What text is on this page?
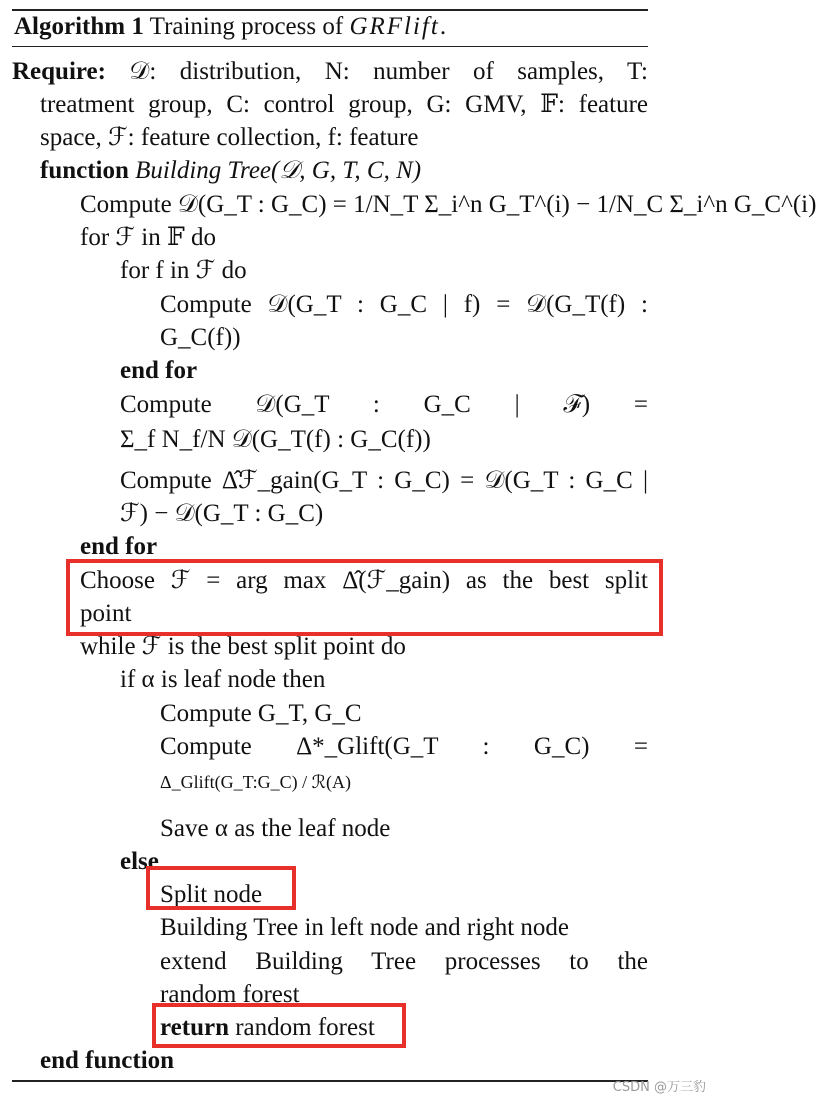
Algorithm 1 Training process of GRFlift.
Require: 𝒟: distribution, N: number of samples, T:
treatment group, C: control group, G: GMV, 𝔽: feature
space, ℱ: feature collection, f: feature
function Building Tree(𝒟, G, T, C, N)
Compute 𝒟(G_T : G_C) = 1/N_T Σ_i^n G_T^(i) − 1/N_C Σ_i^n G_C^(i)
for ℱ in 𝔽 do
for f in ℱ do
Compute 𝒟(G_T : G_C | f) = 𝒟(G_T(f) :
G_C(f))
end for
Compute 𝒟(G_T : G_C | ℱ) =
Σ_f N_f/N 𝒟(G_T(f) : G_C(f))
Compute Δ̂ℱ_gain(G_T : G_C) = 𝒟(G_T : G_C |
ℱ) − 𝒟(G_T : G_C)
end for
Choose ℱ = arg max Δ̂(ℱ_gain) as the best split
point
while ℱ is the best split point do
if α is leaf node then
Compute G_T, G_C
Compute Δ*_Glift(G_T : G_C) =
Δ_Glift(G_T:G_C) / ℛ(A)
Save α as the leaf node
else
Split node
Building Tree in left node and right node
extend Building Tree processes to the
random forest
return random forest
end function
CSDN @万三豹
